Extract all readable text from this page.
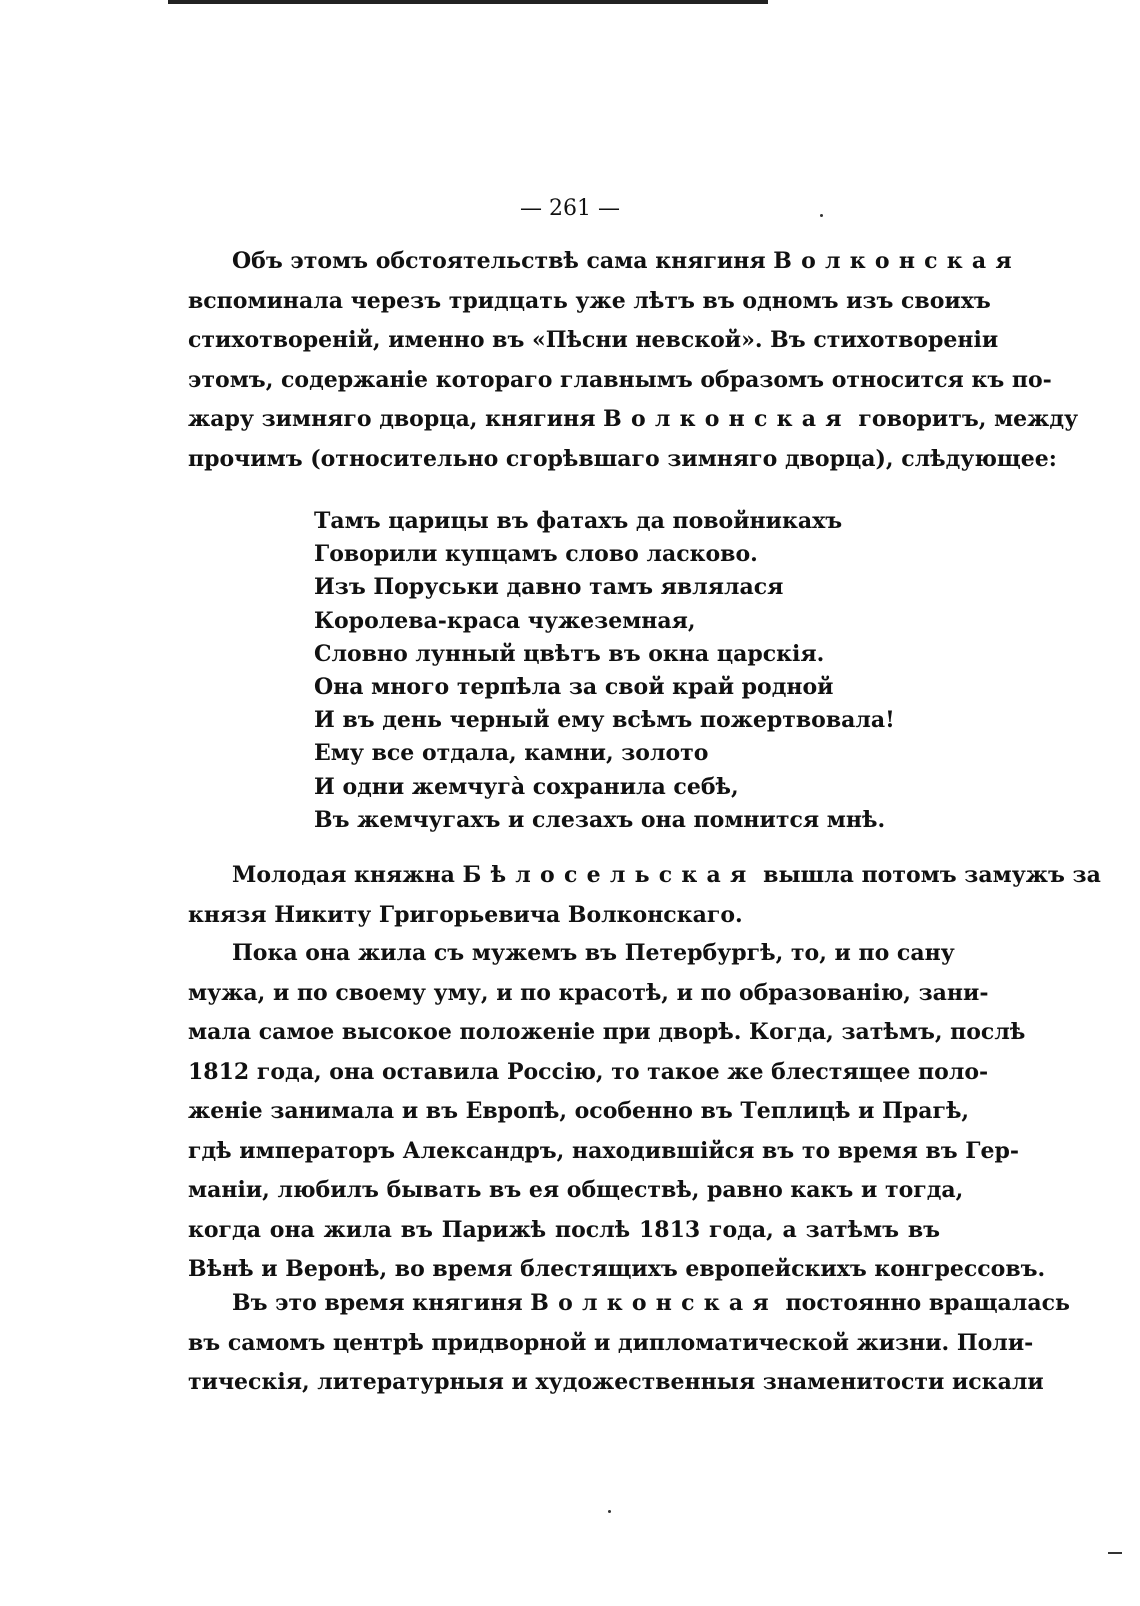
— 261 —
Объ этомъ обстоятельствѣ сама княгиня Волконская
вспоминала черезъ тридцать уже лѣтъ въ одномъ изъ своихъ
стихотвореній, именно въ «Пѣсни невской». Въ стихотвореніи
этомъ, содержаніе котораго главнымъ образомъ относится къ по-
жару зимняго дворца, княгиня Волконская говоритъ, между
прочимъ (относительно сгорѣвшаго зимняго дворца), слѣдующее:
Тамъ царицы въ фатахъ да повойникахъ
Говорили купцамъ слово ласково.
Изъ Поруськи давно тамъ являлася
Королева-краса чужеземная,
Словно лунный цвѣтъ въ окна царскія.
Она много терпѣла за свой край родной
И въ день черный ему всѣмъ пожертвовала!
Ему все отдала, камни, золото
И одни жемчугà сохранила себѣ,
Въ жемчугахъ и слезахъ она помнится мнѣ.
Молодая княжна Бѣлосельская вышла потомъ замужъ за
князя Никиту Григорьевича Волконскаго.
Пока она жила съ мужемъ въ Петербургѣ, то, и по сану
мужа, и по своему уму, и по красотѣ, и по образованію, зани-
мала самое высокое положеніе при дворѣ. Когда, затѣмъ, послѣ
1812 года, она оставила Россію, то такое же блестящее поло-
женіе занимала и въ Европѣ, особенно въ Теплицѣ и Прагѣ,
гдѣ императоръ Александръ, находившійся въ то время въ Гер-
маніи, любилъ бывать въ ея обществѣ, равно какъ и тогда,
когда она жила въ Парижѣ послѣ 1813 года, а затѣмъ въ
Вѣнѣ и Веронѣ, во время блестящихъ европейскихъ конгрессовъ.
Въ это время княгиня Волконская постоянно вращалась
въ самомъ центрѣ придворной и дипломатической жизни. Поли-
тическія, литературныя и художественныя знаменитости искали
